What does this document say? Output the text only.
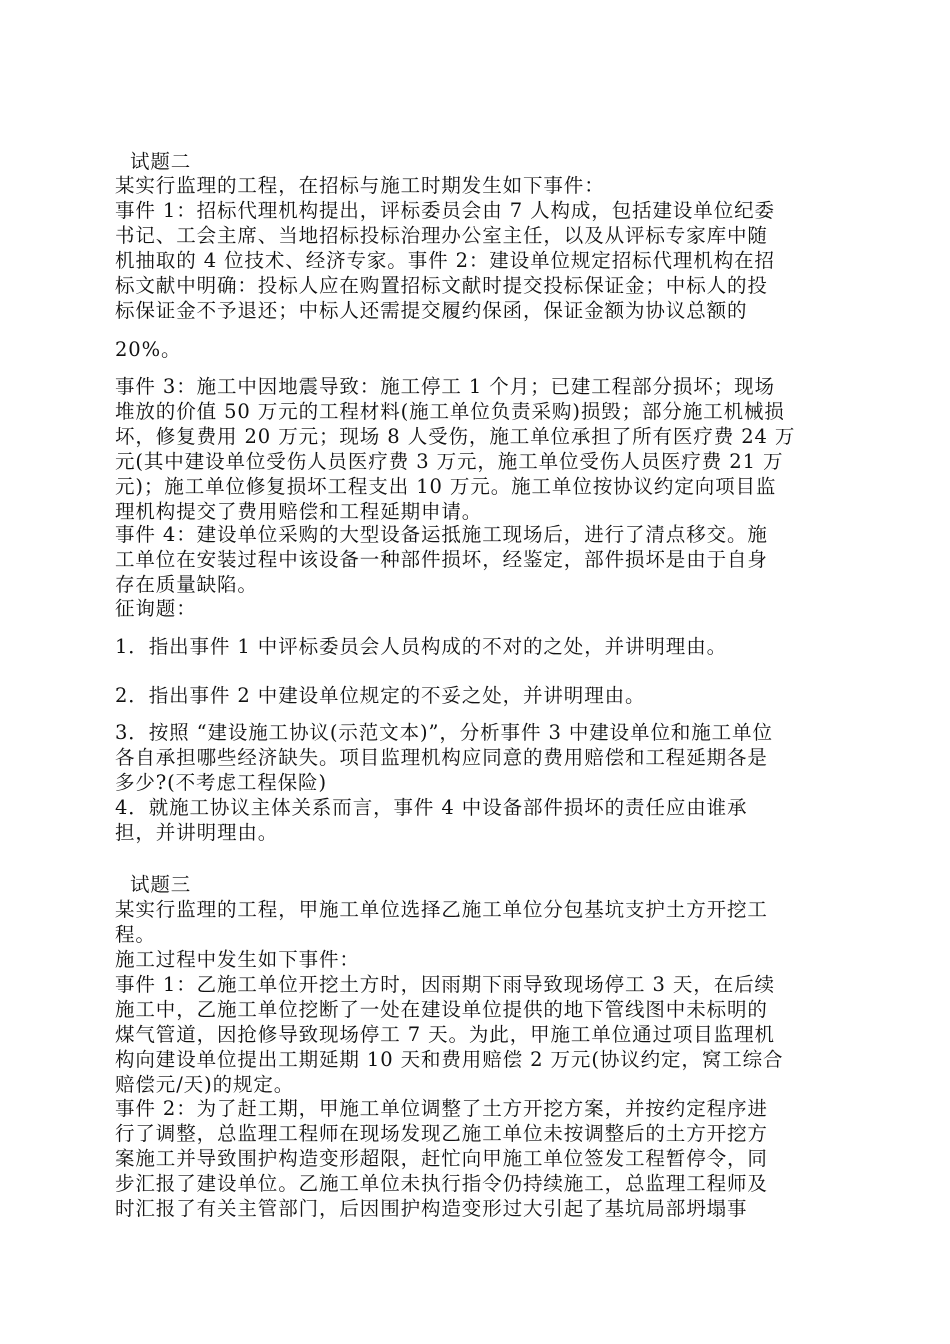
试题二

某实行监理的工程，在招标与施工时期发生如下事件：

事件 1：招标代理机构提出，评标委员会由 7 人构成，包括建设单位纪委

书记、工会主席、当地招标投标治理办公室主任，以及从评标专家库中随

机抽取的 4 位技术、经济专家。事件 2：建设单位规定招标代理机构在招

标文献中明确：投标人应在购置招标文献时提交投标保证金；中标人的投

标保证金不予退还；中标人还需提交履约保函，保证金额为协议总额的

20%。

事件 3：施工中因地震导致：施工停工 1 个月；已建工程部分损坏；现场

堆放的价值 50 万元的工程材料(施工单位负责采购)损毁；部分施工机械损

坏，修复费用 20 万元；现场 8 人受伤，施工单位承担了所有医疗费 24 万

元(其中建设单位受伤人员医疗费 3 万元，施工单位受伤人员医疗费 21 万

元)；施工单位修复损坏工程支出 10 万元。施工单位按协议约定向项目监

理机构提交了费用赔偿和工程延期申请。

事件 4：建设单位采购的大型设备运抵施工现场后，进行了清点移交。施

工单位在安装过程中该设备一种部件损坏，经鉴定，部件损坏是由于自身

存在质量缺陷。

征询题：

1．指出事件 1 中评标委员会人员构成的不对的之处，并讲明理由。

2．指出事件 2 中建设单位规定的不妥之处，并讲明理由。

3．按照 “建设施工协议(示范文本)”，分析事件 3 中建设单位和施工单位

各自承担哪些经济缺失。项目监理机构应同意的费用赔偿和工程延期各是

多少?(不考虑工程保险)

4．就施工协议主体关系而言，事件 4 中设备部件损坏的责任应由谁承

担，并讲明理由。

试题三

某实行监理的工程，甲施工单位选择乙施工单位分包基坑支护土方开挖工

程。

施工过程中发生如下事件：

事件 1：乙施工单位开挖土方时，因雨期下雨导致现场停工 3 天，在后续

施工中，乙施工单位挖断了一处在建设单位提供的地下管线图中未标明的

煤气管道，因抢修导致现场停工 7 天。为此，甲施工单位通过项目监理机

构向建设单位提出工期延期 10 天和费用赔偿 2 万元(协议约定，窝工综合

赔偿元/天)的规定。

事件 2：为了赶工期，甲施工单位调整了土方开挖方案，并按约定程序进

行了调整，总监理工程师在现场发现乙施工单位未按调整后的土方开挖方

案施工并导致围护构造变形超限，赶忙向甲施工单位签发工程暂停令，同

步汇报了建设单位。乙施工单位未执行指令仍持续施工，总监理工程师及

时汇报了有关主管部门，后因围护构造变形过大引起了基坑局部坍塌事
